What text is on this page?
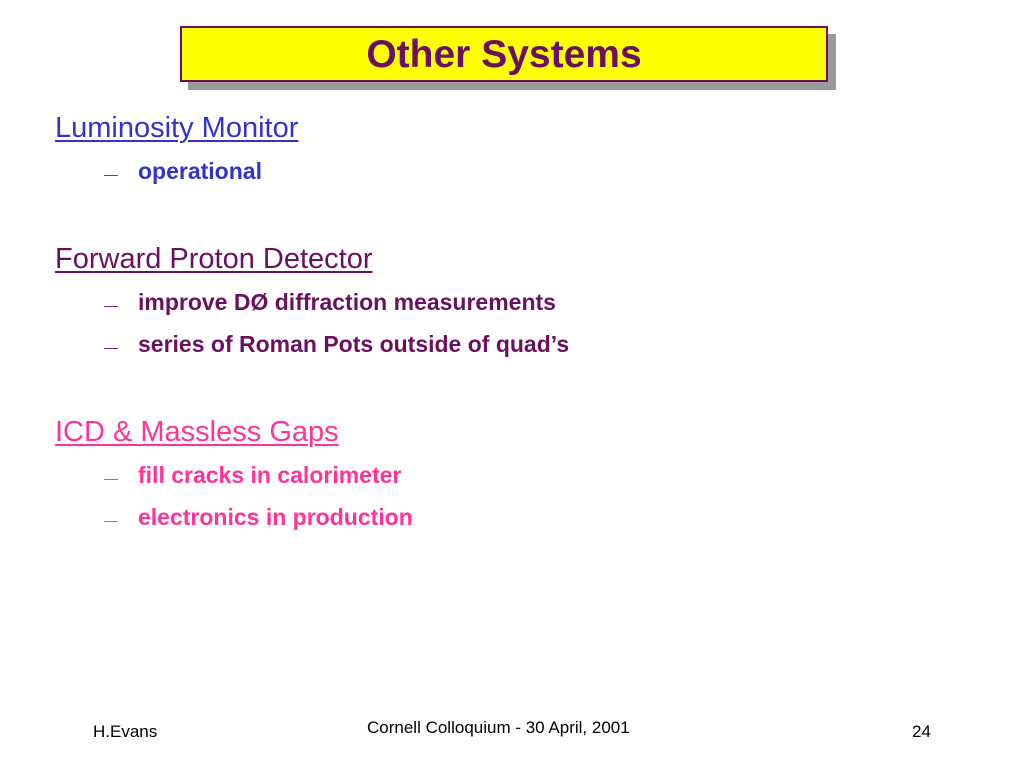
Other Systems
Luminosity Monitor
— operational
Forward Proton Detector
— improve DØ diffraction measurements
— series of Roman Pots outside of quad’s
ICD & Massless Gaps
— fill cracks in calorimeter
— electronics in production
H.Evans	Cornell Colloquium - 30 April, 2001	24
